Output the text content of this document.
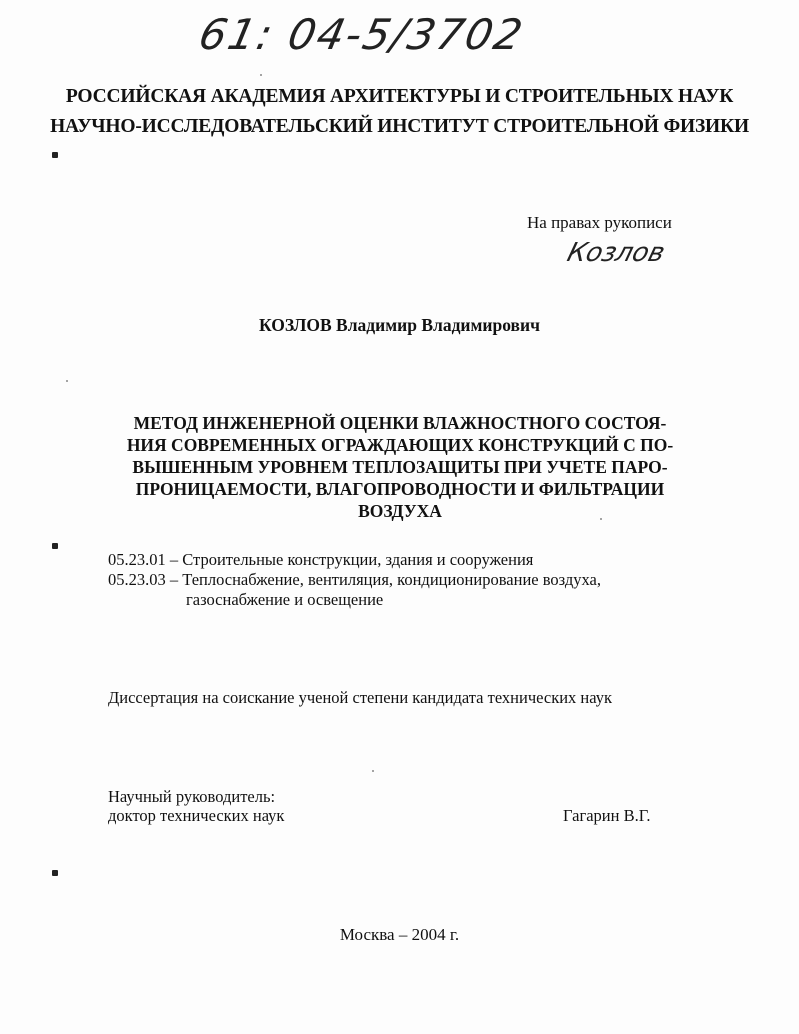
61: 04-5/3702
РОССИЙСКАЯ АКАДЕМИЯ АРХИТЕКТУРЫ И СТРОИТЕЛЬНЫХ НАУК
НАУЧНО-ИССЛЕДОВАТЕЛЬСКИЙ ИНСТИТУТ СТРОИТЕЛЬНОЙ ФИЗИКИ
На правах рукописи
Козлов
КОЗЛОВ Владимир Владимирович
МЕТОД ИНЖЕНЕРНОЙ ОЦЕНКИ ВЛАЖНОСТНОГО СОСТОЯ-
НИЯ СОВРЕМЕННЫХ ОГРАЖДАЮЩИХ КОНСТРУКЦИЙ С ПО-
ВЫШЕННЫМ УРОВНЕМ ТЕПЛОЗАЩИТЫ ПРИ УЧЕТЕ ПАРО-
ПРОНИЦАЕМОСТИ, ВЛАГОПРОВОДНОСТИ И ФИЛЬТРАЦИИ
ВОЗДУХА
05.23.01 – Строительные конструкции, здания и сооружения
05.23.03 – Теплоснабжение, вентиляция, кондиционирование воздуха,
газоснабжение и освещение
Диссертация на соискание ученой степени кандидата технических наук
Научный руководитель:
доктор технических наук	Гагарин В.Г.
Москва – 2004 г.
